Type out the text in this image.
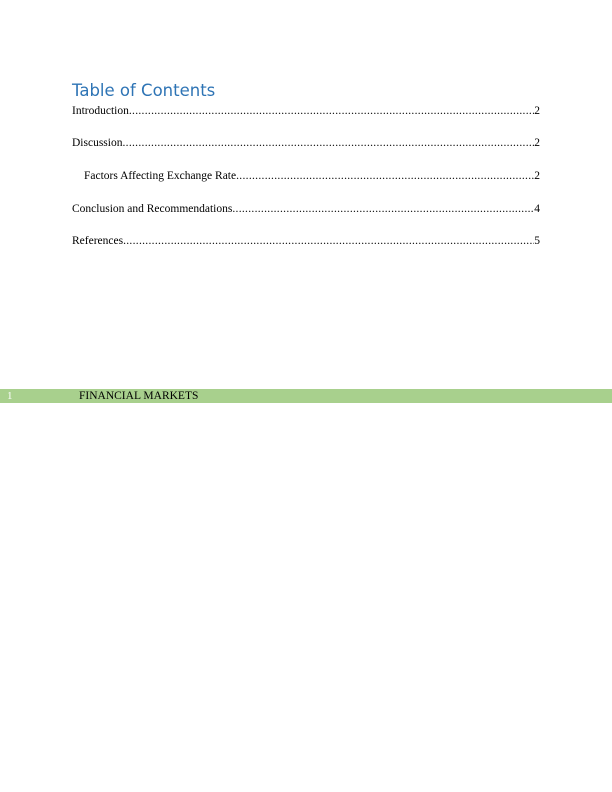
Table of Contents
Introduction .....	2
Discussion .....	2
Factors Affecting Exchange Rate .....	2
Conclusion and Recommendations .....	4
References .....	5
1	FINANCIAL MARKETS
